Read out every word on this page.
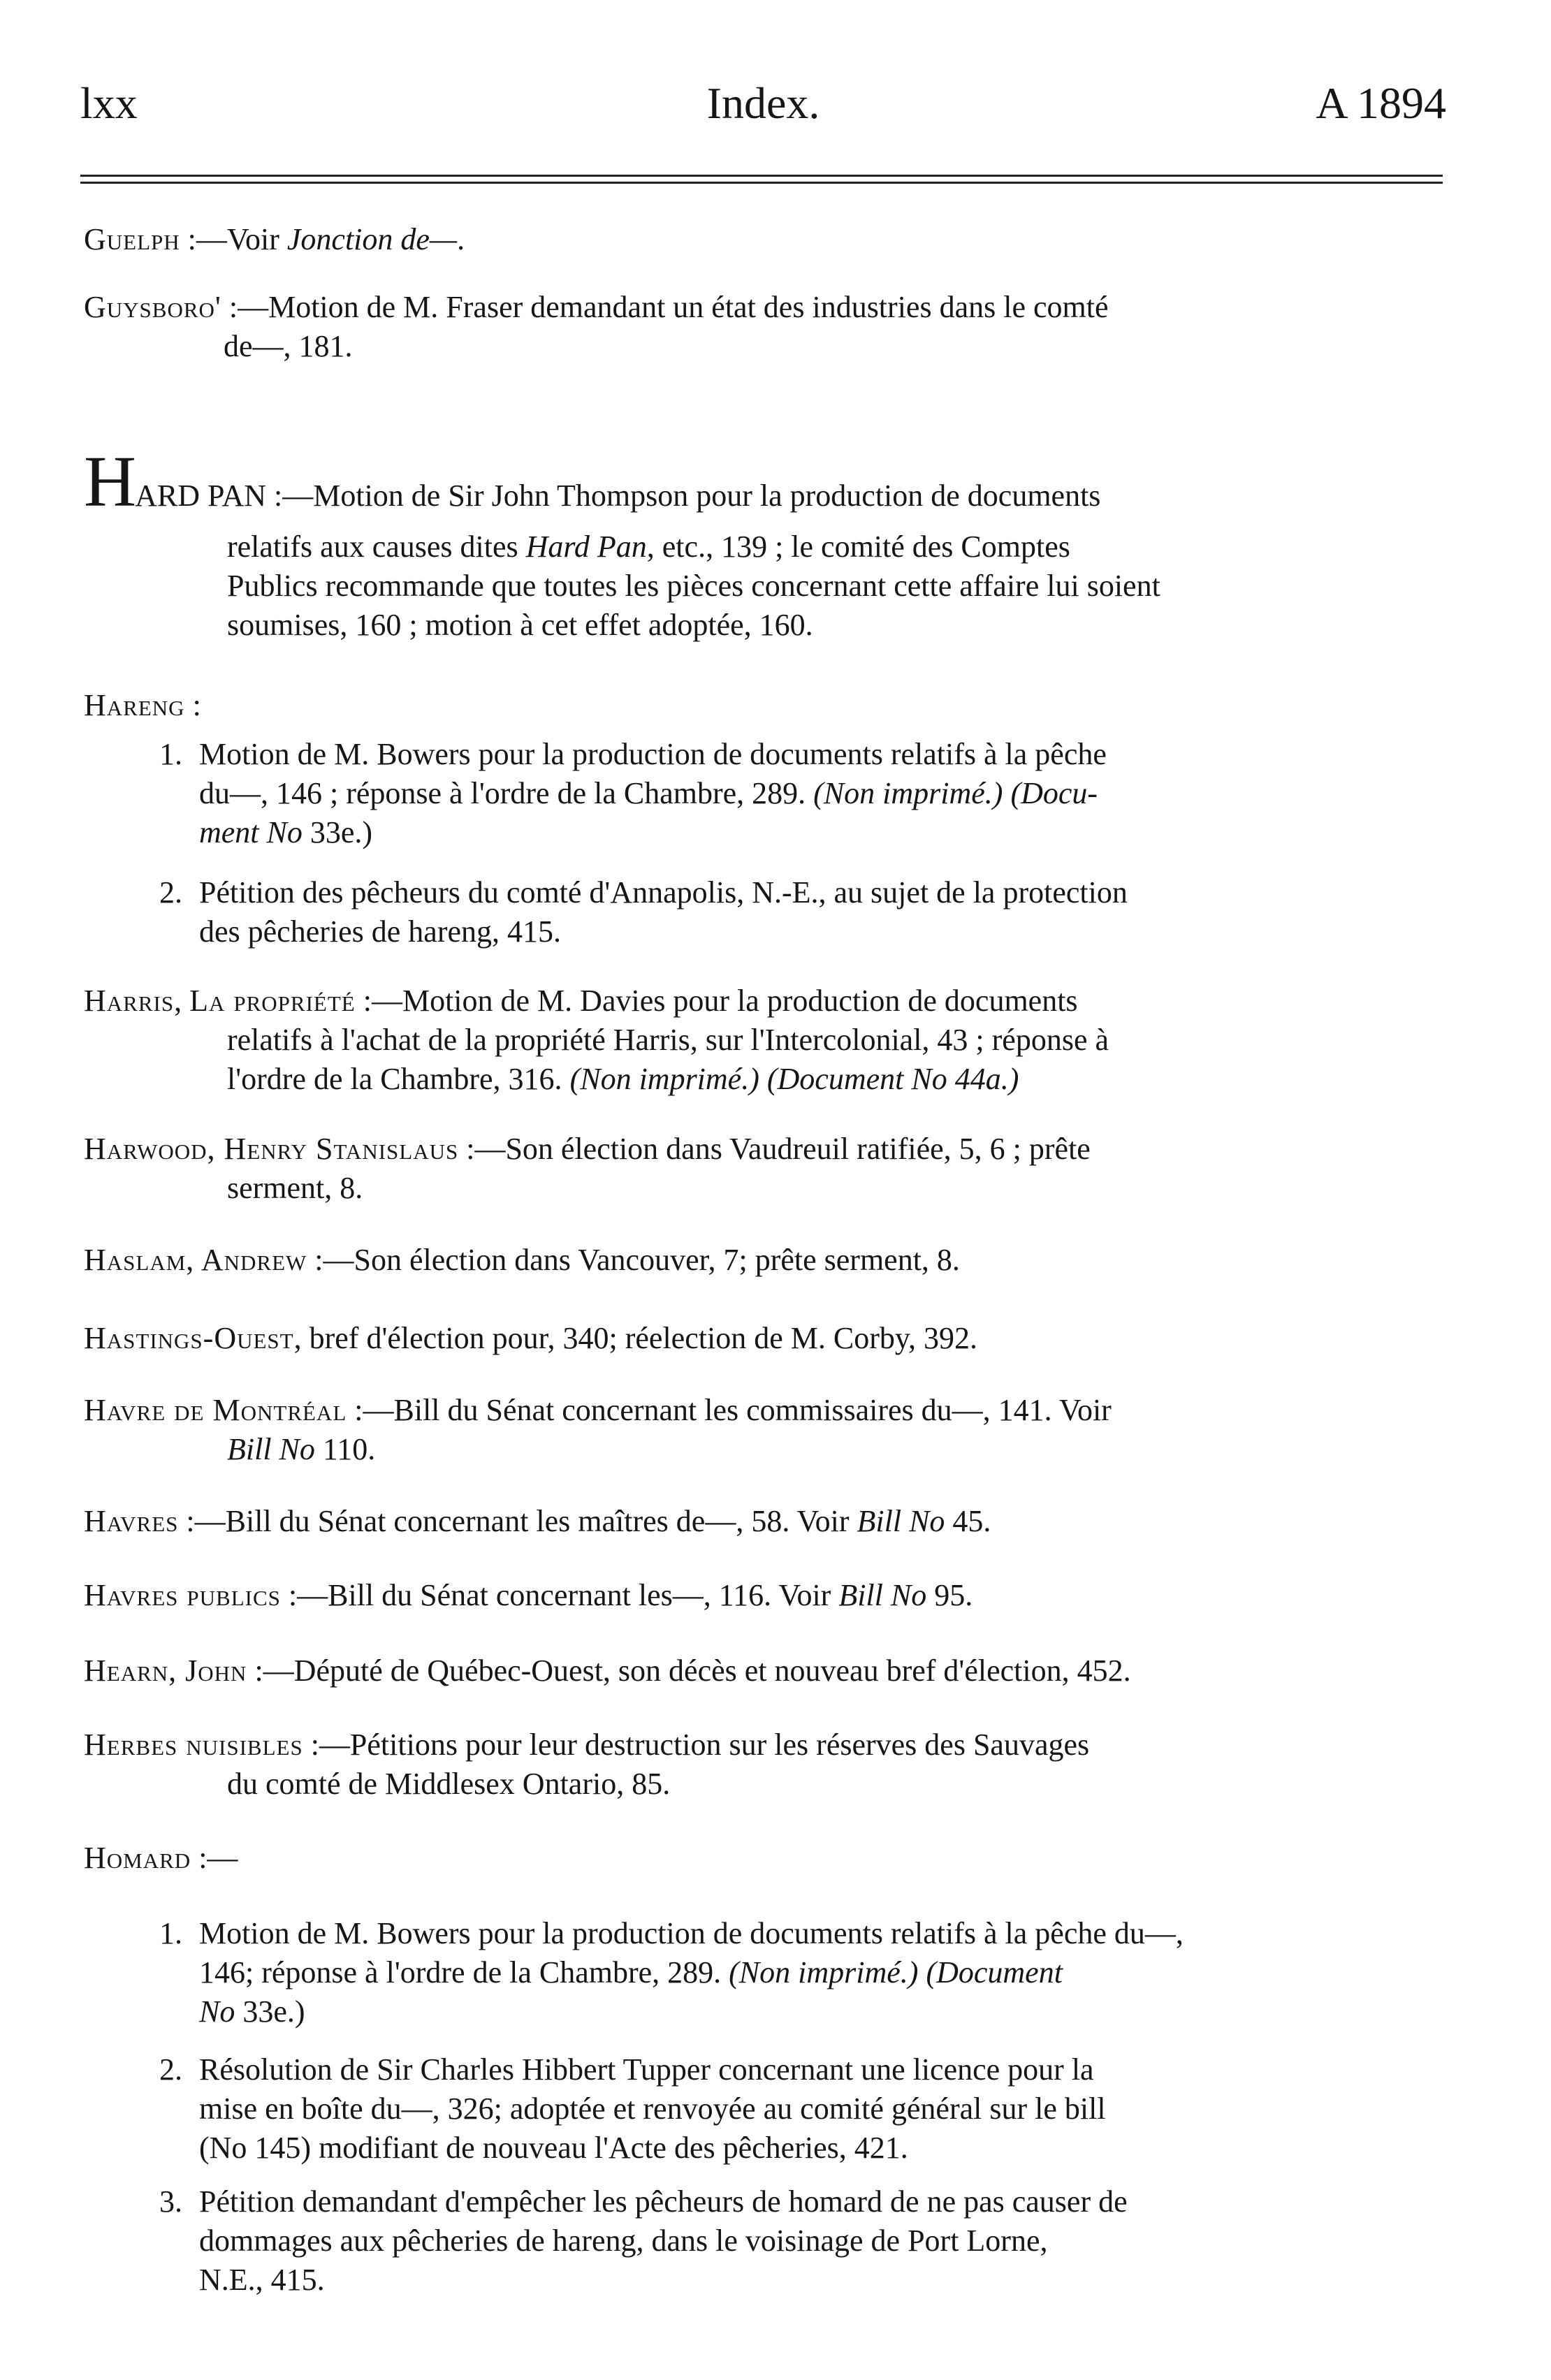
lxx	Index.	A 1894
Guelph :—Voir Jonction de—.
Guysboro' :—Motion de M. Fraser demandant un état des industries dans le comté
de—, 181.
HARD PAN :—Motion de Sir John Thompson pour la production de documents
relatifs aux causes dites Hard Pan, etc., 139 ; le comité des Comptes
Publics recommande que toutes les pièces concernant cette affaire lui soient
soumises, 160 ; motion à cet effet adoptée, 160.
Hareng :
1. Motion de M. Bowers pour la production de documents relatifs à la pêche
du—, 146 ; réponse à l'ordre de la Chambre, 289. (Non imprimé.) (Docu-
ment No 33e.)
2. Pétition des pêcheurs du comté d'Annapolis, N.-E., au sujet de la protection
des pêcheries de hareng, 415.
Harris, La propriété :—Motion de M. Davies pour la production de documents
relatifs à l'achat de la propriété Harris, sur l'Intercolonial, 43 ; réponse à
l'ordre de la Chambre, 316. (Non imprimé.) (Document No 44a.)
Harwood, Henry Stanislaus :—Son élection dans Vaudreuil ratifiée, 5, 6 ; prête
serment, 8.
Haslam, Andrew :—Son élection dans Vancouver, 7; prête serment, 8.
Hastings-Ouest, bref d'élection pour, 340; réelection de M. Corby, 392.
Havre de Montréal :—Bill du Sénat concernant les commissaires du—, 141. Voir
Bill No 110.
Havres :—Bill du Sénat concernant les maîtres de—, 58. Voir Bill No 45.
Havres publics :—Bill du Sénat concernant les—, 116. Voir Bill No 95.
Hearn, John :—Député de Québec-Ouest, son décès et nouveau bref d'élection, 452.
Herbes nuisibles :—Pétitions pour leur destruction sur les réserves des Sauvages
du comté de Middlesex Ontario, 85.
Homard :—
1. Motion de M. Bowers pour la production de documents relatifs à la pêche du—,
146; réponse à l'ordre de la Chambre, 289. (Non imprimé.) (Document
No 33e.)
2. Résolution de Sir Charles Hibbert Tupper concernant une licence pour la
mise en boîte du—, 326; adoptée et renvoyée au comité général sur le bill
(No 145) modifiant de nouveau l'Acte des pêcheries, 421.
3. Pétition demandant d'empêcher les pêcheurs de homard de ne pas causer de
dommages aux pêcheries de hareng, dans le voisinage de Port Lorne,
N.E., 415.
